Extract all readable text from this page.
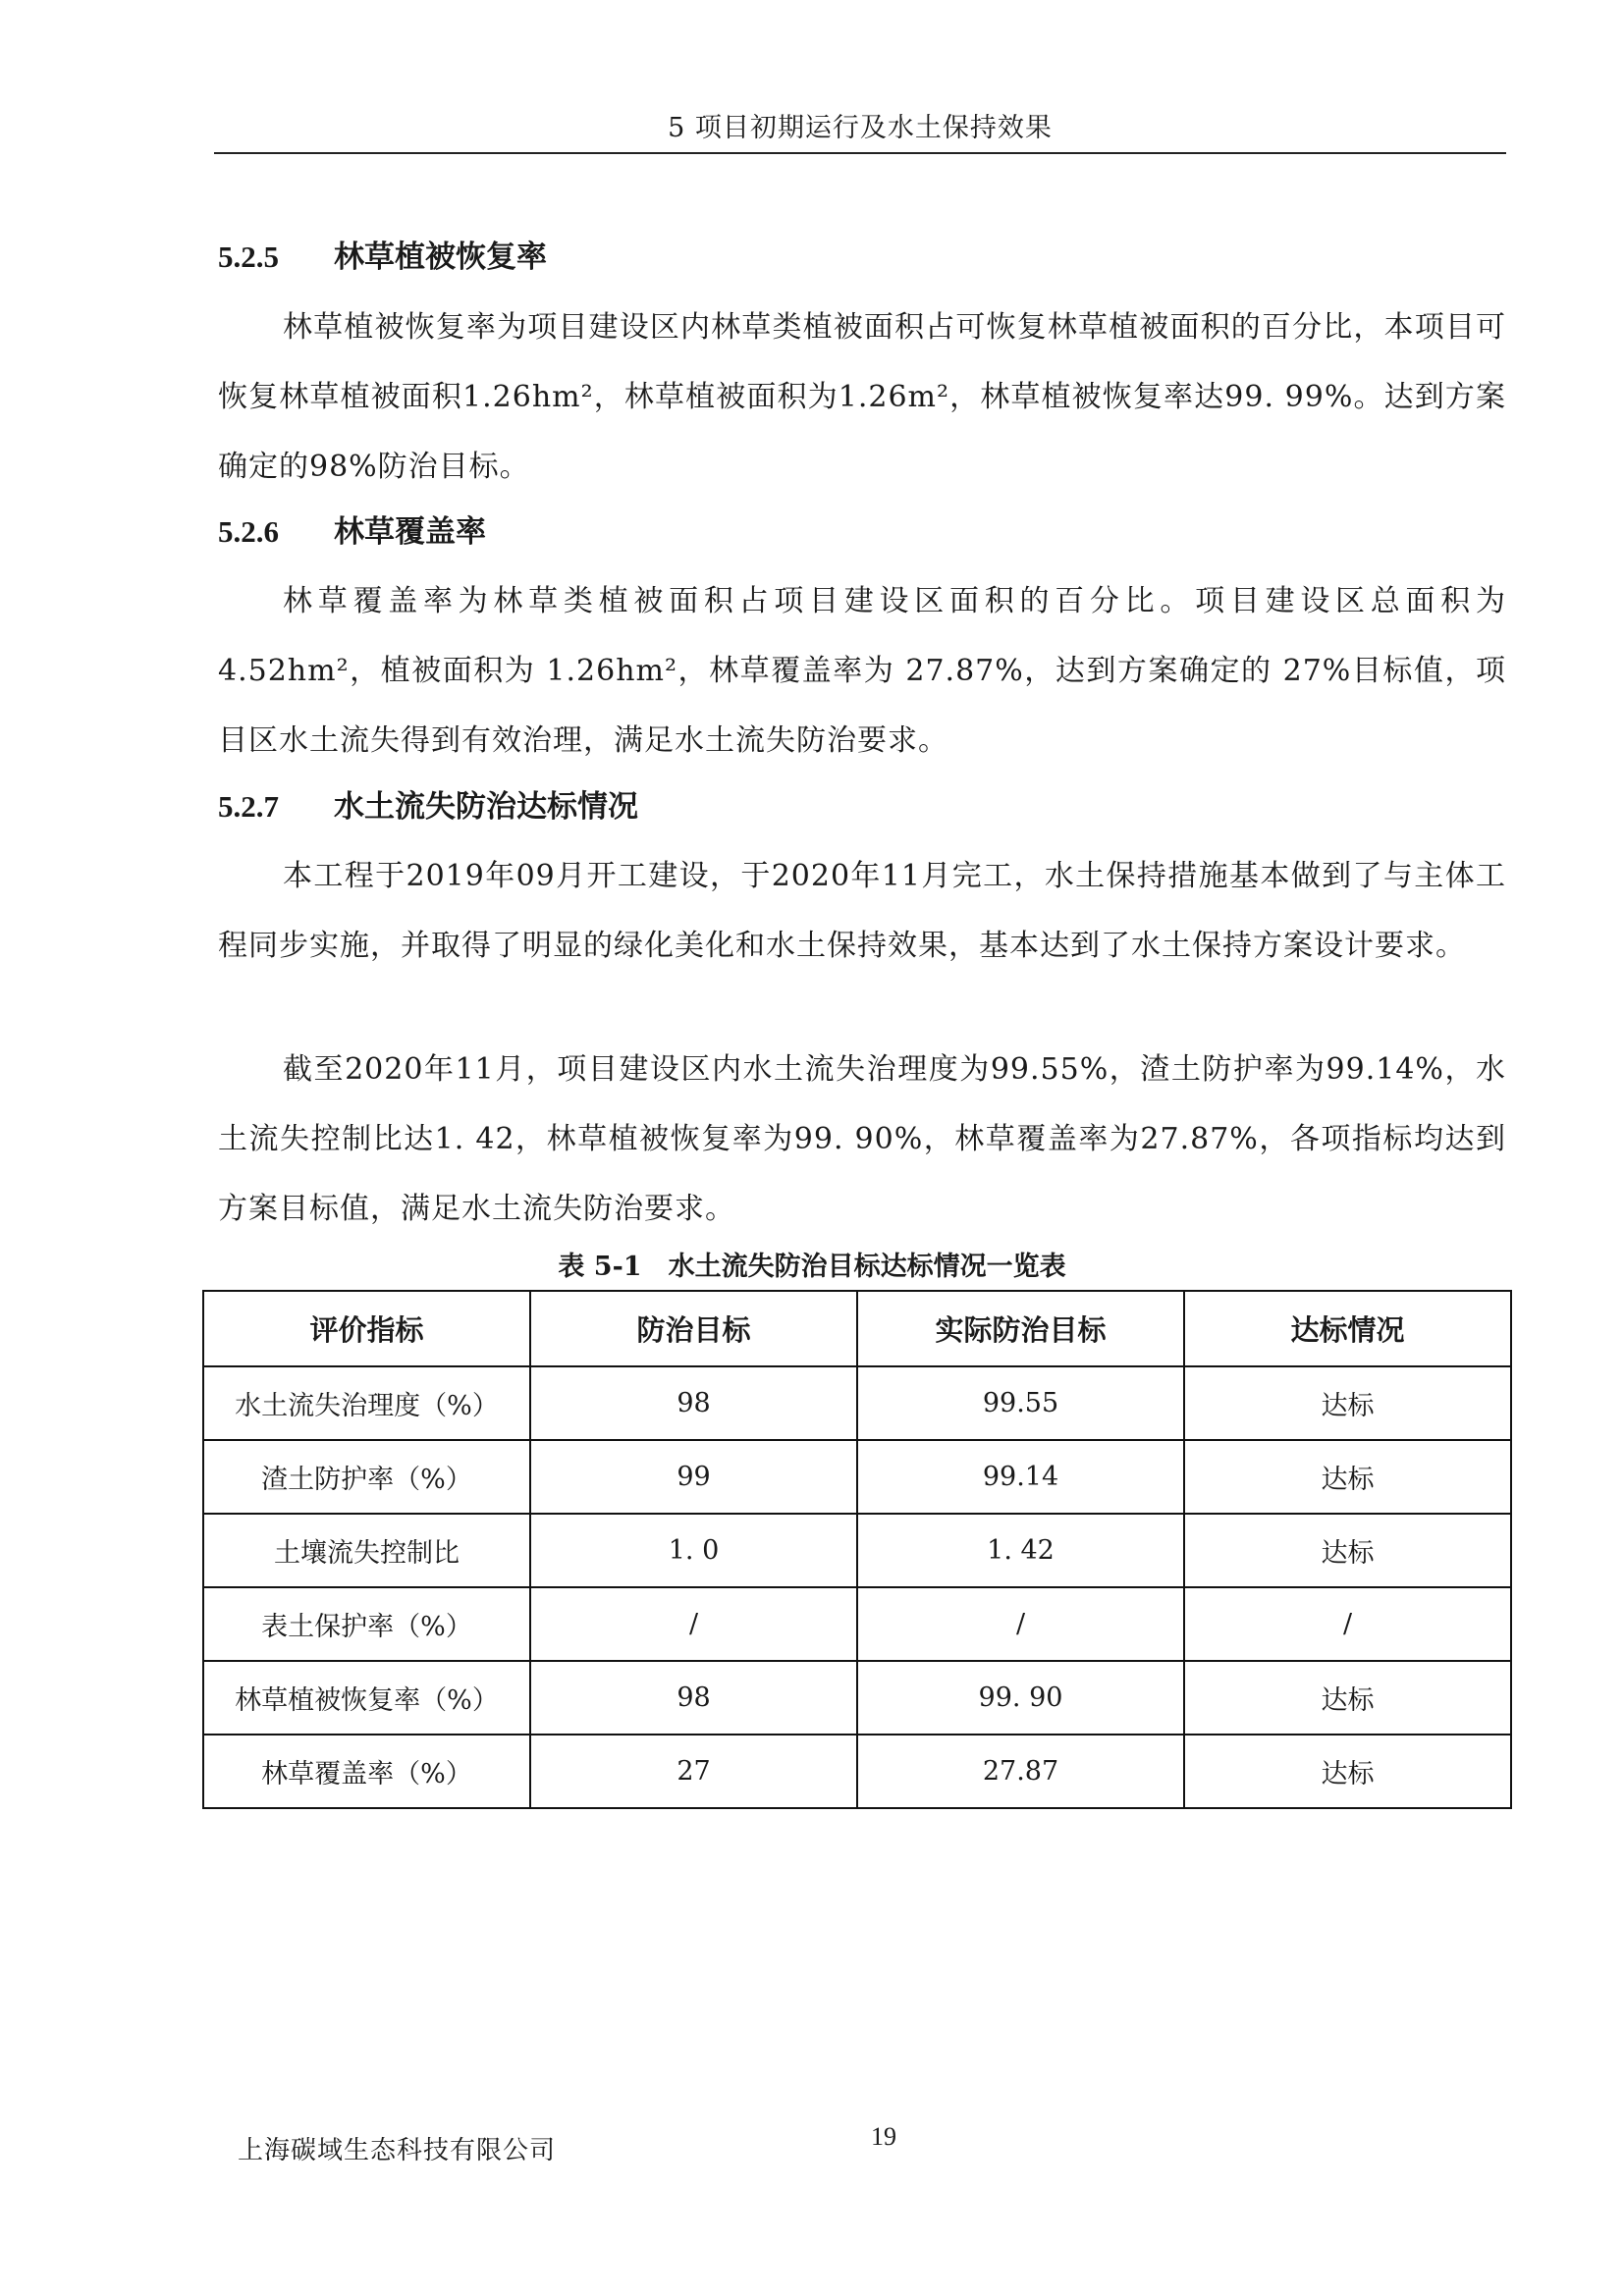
5 项目初期运行及水土保持效果
5.2.5	林草植被恢复率
林草植被恢复率为项目建设区内林草类植被面积占可恢复林草植被面积的百分比，本项目可恢复林草植被面积1.26hm²，林草植被面积为1.26m²，林草植被恢复率达99. 99%。达到方案确定的98%防治目标。
5.2.6	林草覆盖率
林草覆盖率为林草类植被面积占项目建设区面积的百分比。项目建设区总面积为4.52hm²，植被面积为 1.26hm²，林草覆盖率为 27.87%，达到方案确定的 27%目标值，项目区水土流失得到有效治理，满足水土流失防治要求。
5.2.7	水土流失防治达标情况
本工程于2019年09月开工建设，于2020年11月完工，水土保持措施基本做到了与主体工程同步实施，并取得了明显的绿化美化和水土保持效果，基本达到了水土保持方案设计要求。
截至2020年11月，项目建设区内水土流失治理度为99.55%，渣土防护率为99.14%，水土流失控制比达1. 42，林草植被恢复率为99. 90%，林草覆盖率为27.87%，各项指标均达到方案目标值，满足水土流失防治要求。
表 5-1　水土流失防治目标达标情况一览表
评价指标	防治目标	实际防治目标	达标情况
水土流失治理度（%）	98	99.55	达标
渣土防护率（%）	99	99.14	达标
土壤流失控制比	1. 0	1. 42	达标
表土保护率（%）	/	/	/
林草植被恢复率（%）	98	99. 90	达标
林草覆盖率（%）	27	27.87	达标
上海碳域生态科技有限公司	19
